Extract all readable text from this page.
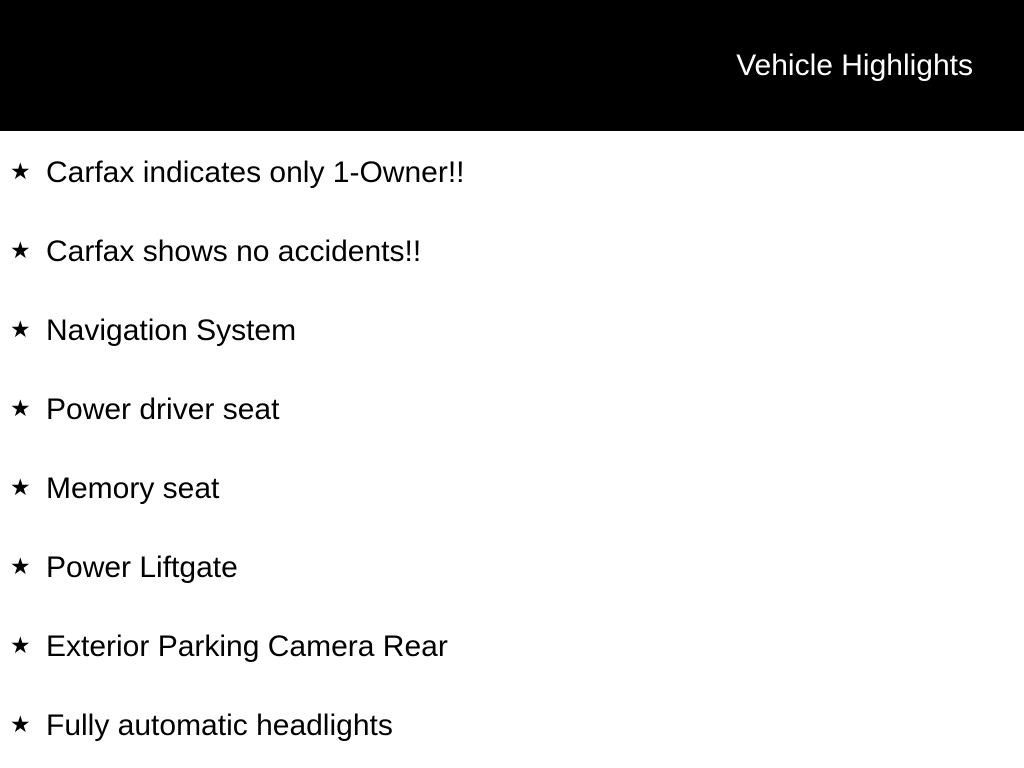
Vehicle Highlights
★ Carfax indicates only 1-Owner!!
★ Carfax shows no accidents!!
★ Navigation System
★ Power driver seat
★ Memory seat
★ Power Liftgate
★ Exterior Parking Camera Rear
★ Fully automatic headlights
